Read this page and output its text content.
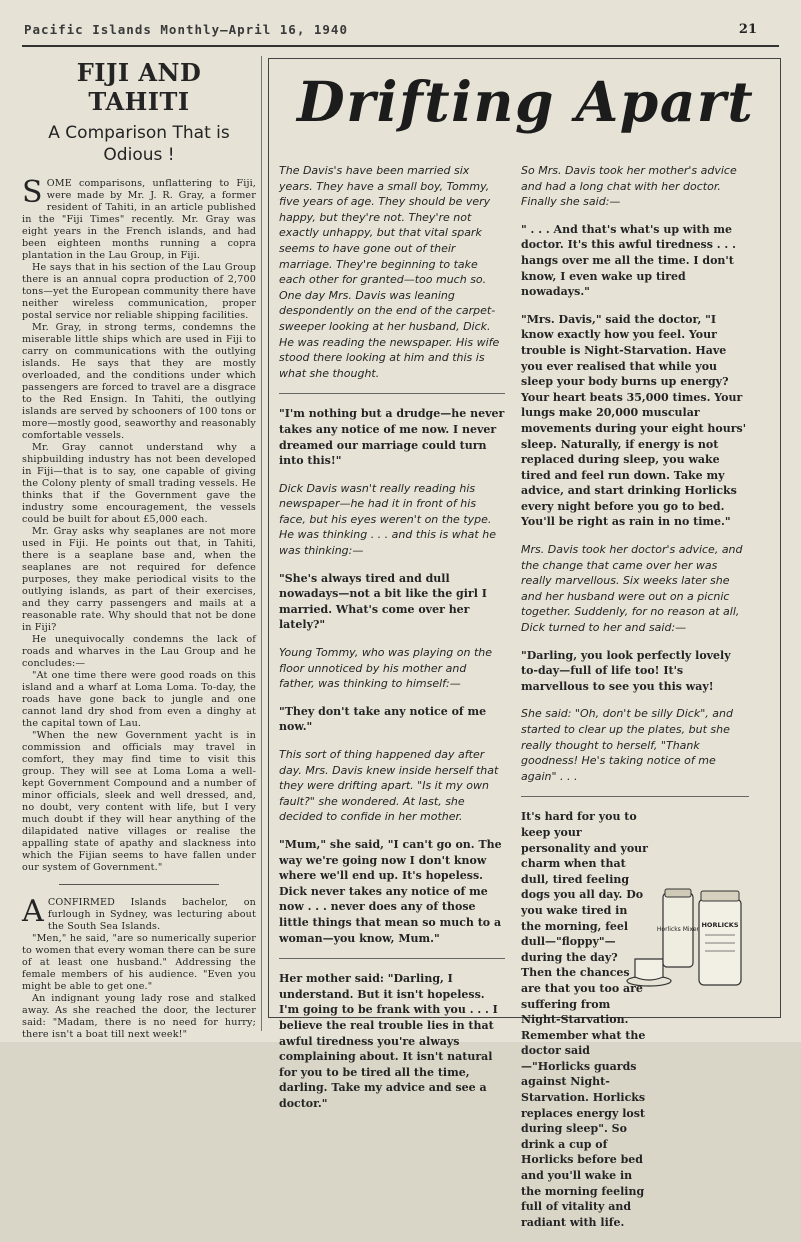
Pacific Islands Monthly—April 16, 1940	21
FIJI AND TAHITI
A Comparison That is Odious !

SOME comparisons, unflattering to Fiji, were made by Mr. J. R. Gray, a former resident of Tahiti, in an article published in the "Fiji Times" recently. Mr. Gray was eight years in the French islands, and had been eighteen months running a copra plantation in the Lau Group, in Fiji.

He says that in his section of the Lau Group there is an annual copra production of 2,700 tons—yet the European community there have neither wireless communication, proper postal service nor reliable shipping facilities.

Mr. Gray, in strong terms, condemns the miserable little ships which are used in Fiji to carry on communications with the outlying islands. He says that they are mostly overloaded, and the conditions under which passengers are forced to travel are a disgrace to the Red Ensign. In Tahiti, the outlying islands are served by schooners of 100 tons or more—mostly good, seaworthy and reasonably comfortable vessels.

Mr. Gray cannot understand why a shipbuilding industry has not been developed in Fiji—that is to say, one capable of giving the Colony plenty of small trading vessels. He thinks that if the Government gave the industry some encouragement, the vessels could be built for about £5,000 each.

Mr. Gray asks why seaplanes are not more used in Fiji. He points out that, in Tahiti, there is a seaplane base and, when the seaplanes are not required for defence purposes, they make periodical visits to the outlying islands, as part of their exercises, and they carry passengers and mails at a reasonable rate. Why should that not be done in Fiji?

He unequivocally condemns the lack of roads and wharves in the Lau Group and he concludes:—

"At one time there were good roads on this island and a wharf at Loma Loma. To-day, the roads have gone back to jungle and one cannot land dry shod from even a dinghy at the capital town of Lau.

"When the new Government yacht is in commission and officials may travel in comfort, they may find time to visit this group. They will see at Loma Loma a well-kept Government Compound and a number of minor officials, sleek and well dressed, and, no doubt, very content with life, but I very much doubt if they will hear anything of the dilapidated native villages or realise the appalling state of apathy and slackness into which the Fijian seems to have fallen under our system of Government."

ACONFIRMED Islands bachelor, on furlough in Sydney, was lecturing about the South Sea Islands.

"Men," he said, "are so numerically superior to women that every woman there can be sure of at least one husband." Addressing the female members of his audience. "Even you might be able to get one."

An indignant young lady rose and stalked away. As she reached the door, the lecturer said: "Madam, there is no need for hurry; there isn't a boat till next week!"

Drifting Apart

The Davis's have been married six years. They have a small boy, Tommy, five years of age. They should be very happy, but they're not. They're not exactly unhappy, but that vital spark seems to have gone out of their marriage. They're beginning to take each other for granted—too much so. One day Mrs. Davis was leaning despondently on the end of the carpet-sweeper looking at her husband, Dick. He was reading the newspaper. His wife stood there looking at him and this is what she thought.

"I'm nothing but a drudge—he never takes any notice of me now. I never dreamed our marriage could turn into this!"

Dick Davis wasn't really reading his newspaper—he had it in front of his face, but his eyes weren't on the type. He was thinking . . . and this is what he was thinking:—

"She's always tired and dull nowadays—not a bit like the girl I married. What's come over her lately?"

Young Tommy, who was playing on the floor unnoticed by his mother and father, was thinking to himself:—

"They don't take any notice of me now."

This sort of thing happened day after day. Mrs. Davis knew inside herself that they were drifting apart. "Is it my own fault?" she wondered. At last, she decided to confide in her mother.

"Mum," she said, "I can't go on. The way we're going now I don't know where we'll end up. It's hopeless. Dick never takes any notice of me now . . . never does any of those little things that mean so much to a woman—you know, Mum."

Her mother said: "Darling, I understand. But it isn't hopeless. I'm going to be frank with you . . . I believe the real trouble lies in that awful tiredness you're always complaining about. It isn't natural for you to be tired all the time, darling. Take my advice and see a doctor."

So Mrs. Davis took her mother's advice and had a long chat with her doctor. Finally she said:—

" . . . And that's what's up with me doctor. It's this awful tiredness . . . hangs over me all the time. I don't know, I even wake up tired nowadays."

"Mrs. Davis," said the doctor, "I know exactly how you feel. Your trouble is Night-Starvation. Have you ever realised that while you sleep your body burns up energy? Your heart beats 35,000 times. Your lungs make 20,000 muscular movements during your eight hours' sleep. Naturally, if energy is not replaced during sleep, you wake tired and feel run down. Take my advice, and start drinking Horlicks every night before you go to bed. You'll be right as rain in no time."

Mrs. Davis took her doctor's advice, and the change that came over her was really marvellous. Six weeks later she and her husband were out on a picnic together. Suddenly, for no reason at all, Dick turned to her and said:—

"Darling, you look perfectly lovely to-day—full of life too! It's marvellous to see you this way!

She said: "Oh, don't be silly Dick", and started to clear up the plates, but she really thought to herself, "Thank goodness! He's taking notice of me again" . . .

It's hard for you to keep your personality and your charm when that dull, tired feeling dogs you all day. Do you wake tired in the morning, feel dull—"floppy"—during the day? Then the chances are that you too are suffering from Night-Starvation. Remember what the doctor said—"Horlicks guards against Night-Starvation. Horlicks replaces energy lost during sleep". So drink a cup of Horlicks before bed and you'll wake in the morning feeling full of vitality and radiant with life.

Horlicks Mixer
HORLICKS
